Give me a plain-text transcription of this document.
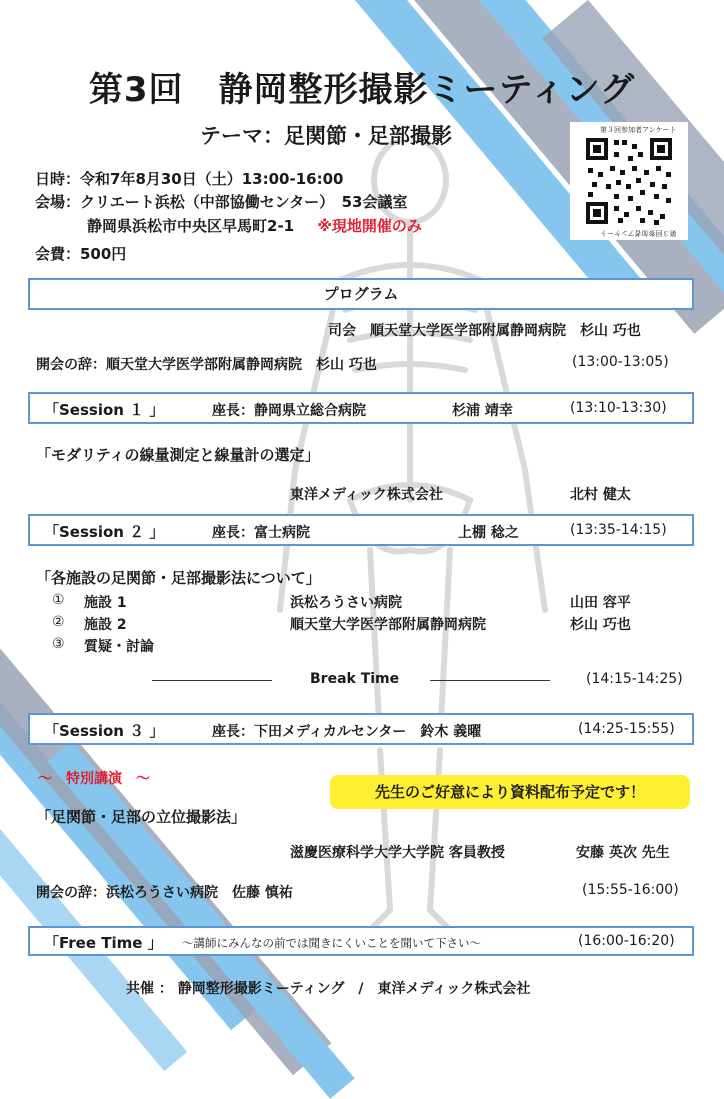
第3回　静岡整形撮影ミーティング
テーマ：足関節・足部撮影	第３回参加者アンケート
第３回参加者アンケート
日時：令和7年8月30日（土）13:00-16:00
会場：クリエート浜松（中部協働センター）　53会議室
静岡県浜松市中央区早馬町2-1 ※現地開催のみ
会費：500円
プログラム
司会　順天堂大学医学部附属静岡病院　杉山 巧也
開会の辞：順天堂大学医学部附属静岡病院　杉山 巧也	(13:00-13:05)
「Session １ 」	座長：静岡県立総合病院	杉浦 靖幸	(13:10-13:30)
「モダリティの線量測定と線量計の選定」
東洋メディック株式会社	北村 健太
「Session ２ 」	座長：富士病院	上棚 稔之	(13:35-14:15)
「各施設の足関節・足部撮影法について」
① 施設 1	浜松ろうさい病院	山田 容平
② 施設 2	順天堂大学医学部附属静岡病院	杉山 巧也
③ 質疑・討論
Break Time	(14:15-14:25)
「Session ３ 」	座長：下田メディカルセンター　鈴木 義曜	(14:25-15:55)
～　特別講演　～
先生のご好意により資料配布予定です！
「足関節・足部の立位撮影法」
滋慶医療科学大学大学院 客員教授	安藤 英次 先生
開会の辞：浜松ろうさい病院　佐藤 慎祐	(15:55-16:00)
「Free Time 」 ～講師にみんなの前では聞きにくいことを聞いて下さい～	(16:00-16:20)
共催 ： 静岡整形撮影ミーティング　/　東洋メディック株式会社
